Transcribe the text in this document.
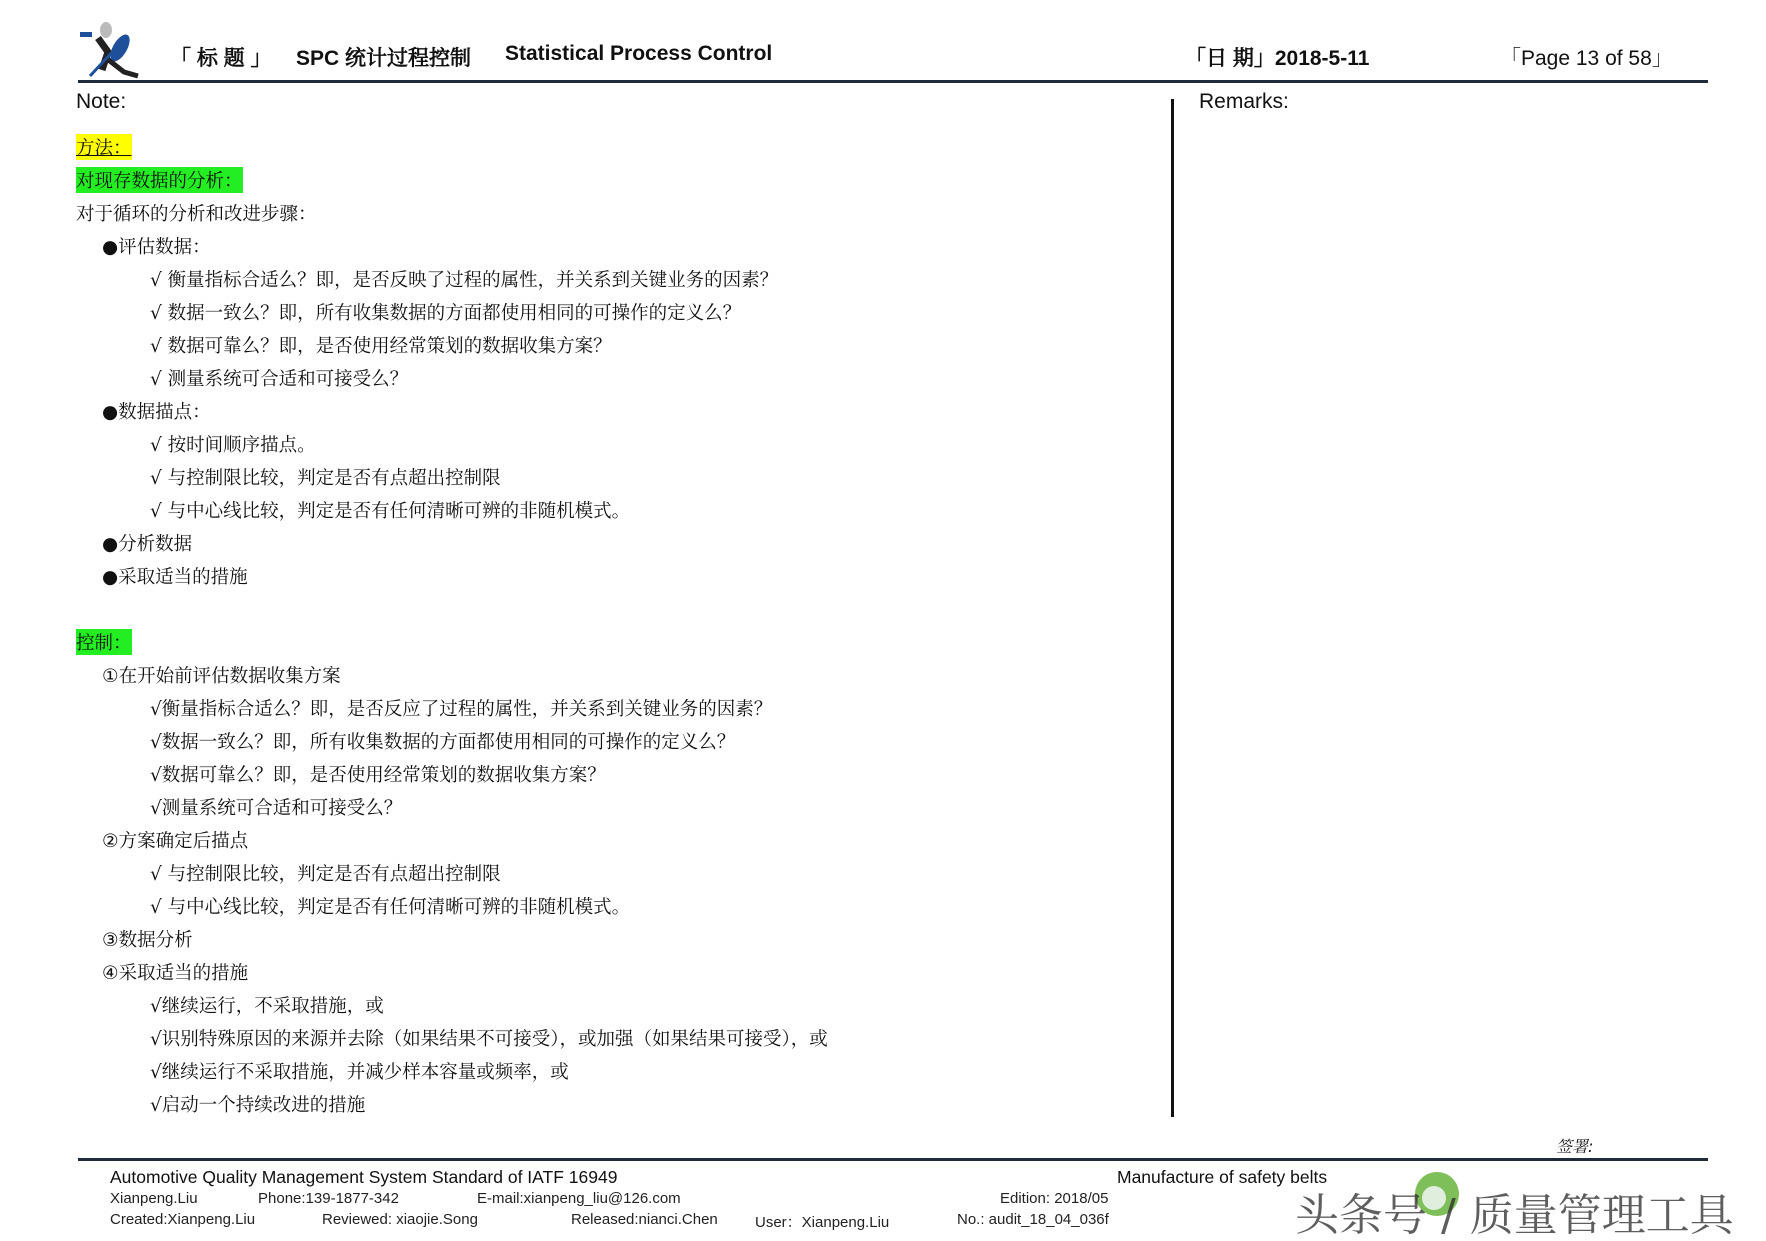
「 标 题 」 SPC 统计过程控制 Statistical Process Control	「日 期」2018-5-11	「Page 13 of 58」
Note:	Remarks:
方法：
对现存数据的分析：
对于循环的分析和改进步骤：
●评估数据：
√ 衡量指标合适么？即，是否反映了过程的属性，并关系到关键业务的因素？
√ 数据一致么？即，所有收集数据的方面都使用相同的可操作的定义么？
√ 数据可靠么？即，是否使用经常策划的数据收集方案？
√ 测量系统可合适和可接受么？
●数据描点：
√ 按时间顺序描点。
√ 与控制限比较，判定是否有点超出控制限
√ 与中心线比较，判定是否有任何清晰可辨的非随机模式。
●分析数据
●采取适当的措施
控制：
①在开始前评估数据收集方案
√衡量指标合适么？即，是否反应了过程的属性，并关系到关键业务的因素？
√数据一致么？即，所有收集数据的方面都使用相同的可操作的定义么？
√数据可靠么？即，是否使用经常策划的数据收集方案？
√测量系统可合适和可接受么？
②方案确定后描点
√ 与控制限比较，判定是否有点超出控制限
√ 与中心线比较，判定是否有任何清晰可辨的非随机模式。
③数据分析
④采取适当的措施
√继续运行，不采取措施，或
√识别特殊原因的来源并去除（如果结果不可接受），或加强（如果结果可接受），或
√继续运行不采取措施，并减少样本容量或频率，或
√启动一个持续改进的措施
签署:
Automotive Quality Management System Standard of IATF 16949	Manufacture of safety belts
Xianpeng.Liu	Phone:139-1877-342	E-mail:xianpeng_liu@126.com
Created:Xianpeng.Liu	Reviewed: xiaojie.Song	Released:nianci.Chen User：Xianpeng.Liu	No.: audit_18_04_036f
Edition: 2018/05	头条号 / 质量管理工具
